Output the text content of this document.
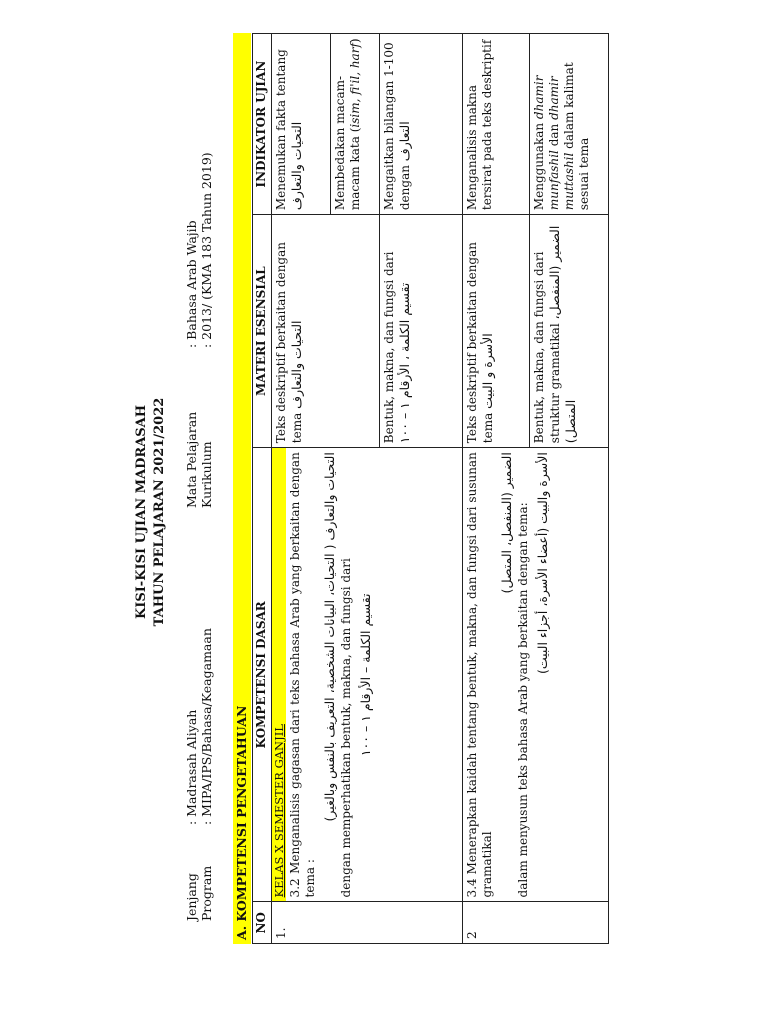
KISI-KISI UJIAN MADRASAH TAHUN PELAJARAN 2021/2022
Jenjang
: Madrasah Aliyah
Program
: MIPA/IPS/Bahasa/Keagamaan
Mata Pelajaran Kurikulum
: Bahasa Arab Wajib : 2013/ (KMA 183 Tahun 2019)
A. KOMPETENSI PENGETAHUAN NO	KOMPETENSI DASAR	MATERI ESENSIAL	INDIKATOR UJIAN
1.	KELAS X SEMESTER GANJIL 3.2 Menganalisis gagasan dari teks bahasa Arab yang berkaitan dengan tema :
التحيات والتعارف ( التحيات، البيانات الشخصية، التعريف بالنفس وبالغير) dengan memperhatikan bentuk, makna, dan fungsi dari تقسيم الكلمة – الأرقام ١ – ١٠٠	Teks deskriptif berkaitan dengan tema التحيات والتعارف	Menemukan fakta tentang التحيات والتعارف
			Membedakan macam-macam kata (isim, fi'il, harf)
		Bentuk, makna, dan fungsi dari تقسيم الكلمة ، الأرقام ١ – ١٠٠	Mengaitkan bilangan 1-100 dengan التعارف
2	3.4 Menerapkan kaidah tentang bentuk, makna, dan fungsi dari susunan gramatikal
الضمير (المنفصل، المتصل) dalam menyusun teks bahasa Arab yang berkaitan dengan tema: الأسرة والبيت (أعضاء الأسرة، أجزاء البيت)	Teks deskriptif berkaitan dengan tema الأسرة و البيت	Menganalisis makna tersirat pada teks deskriptif
		Bentuk, makna, dan fungsi dari struktur gramatikal الضمير (المنفصل، المتصل)	Menggunakan dhamir munfashil dan dhamir muttashil dalam kalimat sesuai tema
